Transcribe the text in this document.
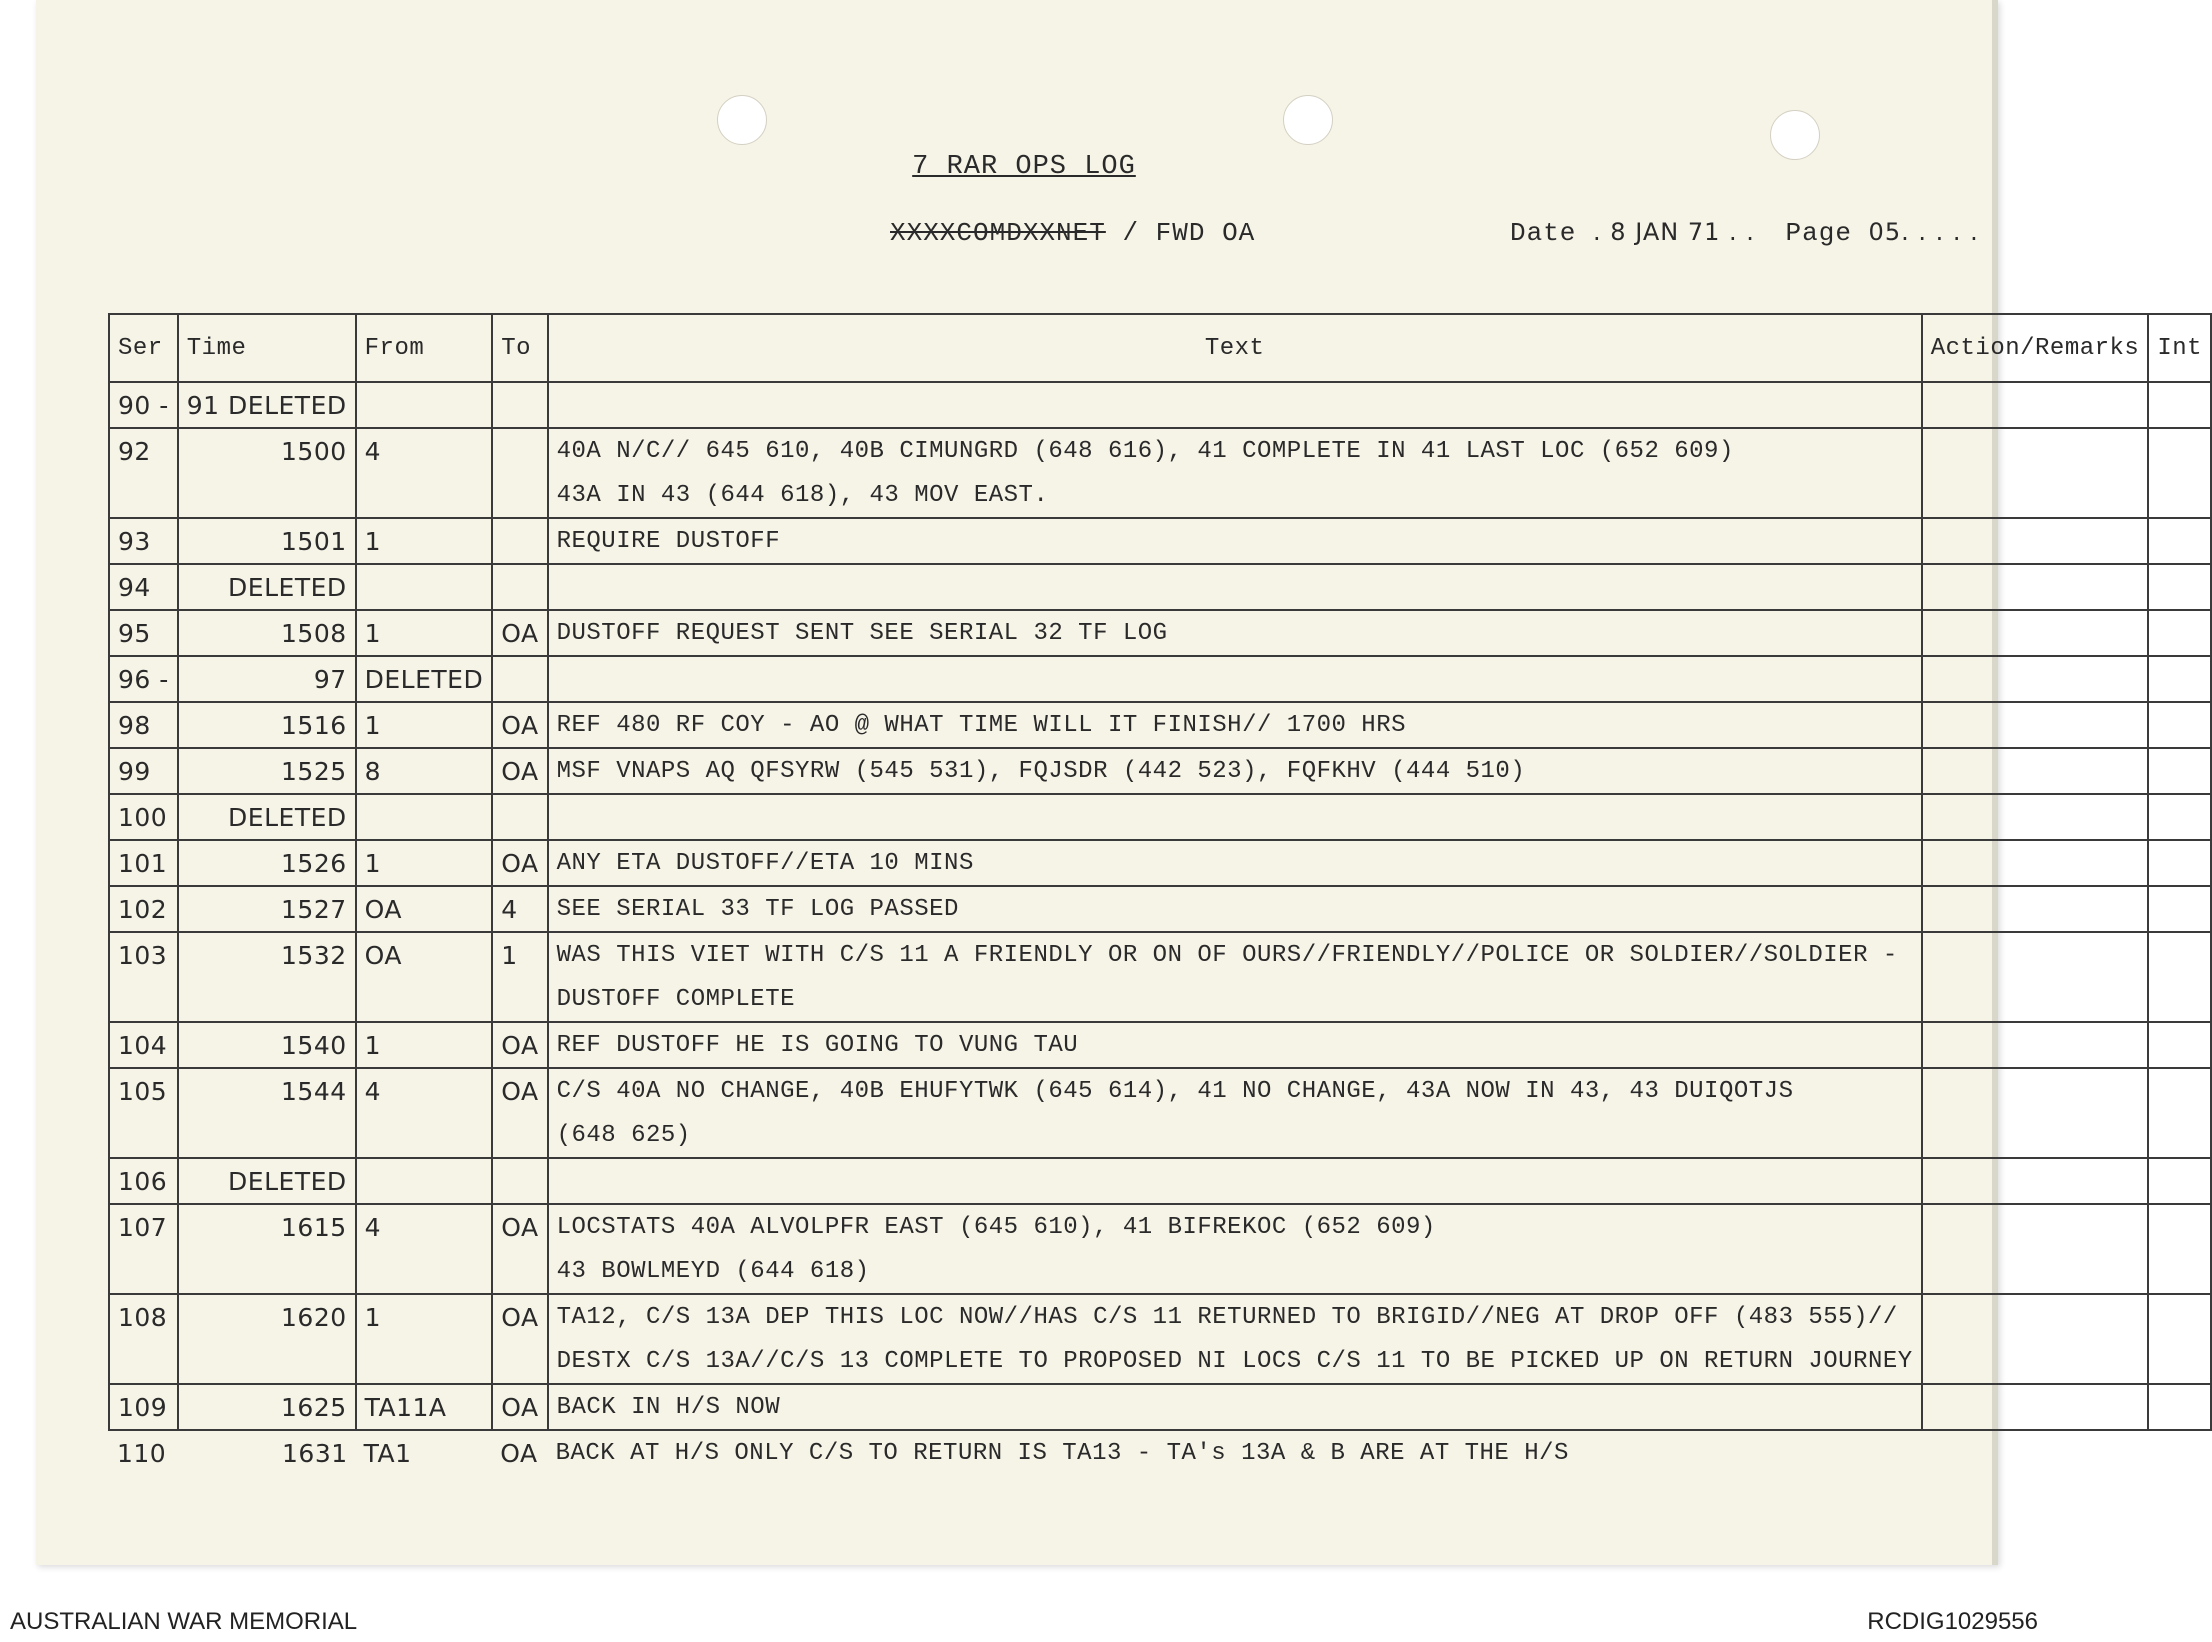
7 RAR OPS LOG
XXXXCOMDXXNET / FWD OA	Date . 8 JAN 71 . . Page 05. . . . .
Ser	Time	From	To	Text	Action/Remarks	Int
90 -	91 DELETED					
92	1500	4		40A N/C// 645 610, 40B CIMUNGRD (648 616), 41 COMPLETE IN 41 LAST LOC (652 609)		
				43A IN 43 (644 618), 43 MOV EAST.		
93	1501	1		REQUIRE DUSTOFF		
94	DELETED					
95	1508	1	OA	DUSTOFF REQUEST SENT SEE SERIAL 32 TF LOG		
96 -	97	DELETED				
98	1516	1	OA	REF 480 RF COY - AO @ WHAT TIME WILL IT FINISH// 1700 HRS		
99	1525	8	OA	MSF VNAPS AQ QFSYRW (545 531), FQJSDR (442 523), FQFKHV (444 510)		
100	DELETED					
101	1526	1	OA	ANY ETA DUSTOFF//ETA 10 MINS		
102	1527	OA	4	SEE SERIAL 33 TF LOG PASSED		
103	1532	OA	1	WAS THIS VIET WITH C/S 11 A FRIENDLY OR ON OF OURS//FRIENDLY//POLICE OR SOLDIER//SOLDIER -		
				DUSTOFF COMPLETE		
104	1540	1	OA	REF DUSTOFF HE IS GOING TO VUNG TAU		
105	1544	4	OA	C/S 40A NO CHANGE, 40B EHUFYTWK (645 614), 41 NO CHANGE, 43A NOW IN 43, 43 DUIQOTJS		
				(648 625)		
106	DELETED					
107	1615	4	OA	LOCSTATS 40A ALVOLPFR EAST (645 610), 41 BIFREKOC (652 609)		
				43 BOWLMEYD (644 618)		
108	1620	1	OA	TA12, C/S 13A DEP THIS LOC NOW//HAS C/S 11 RETURNED TO BRIGID//NEG AT DROP OFF (483 555)//		
				DESTX C/S 13A//C/S 13 COMPLETE TO PROPOSED NI LOCS C/S 11 TO BE PICKED UP ON RETURN JOURNEY		
109	1625	TA11A	OA	BACK IN H/S NOW		
110	1631	TA1	OA	BACK AT H/S ONLY C/S TO RETURN IS TA13 - TA's 13A & B ARE AT THE H/S		
AUSTRALIAN WAR MEMORIAL	RCDIG1029556
